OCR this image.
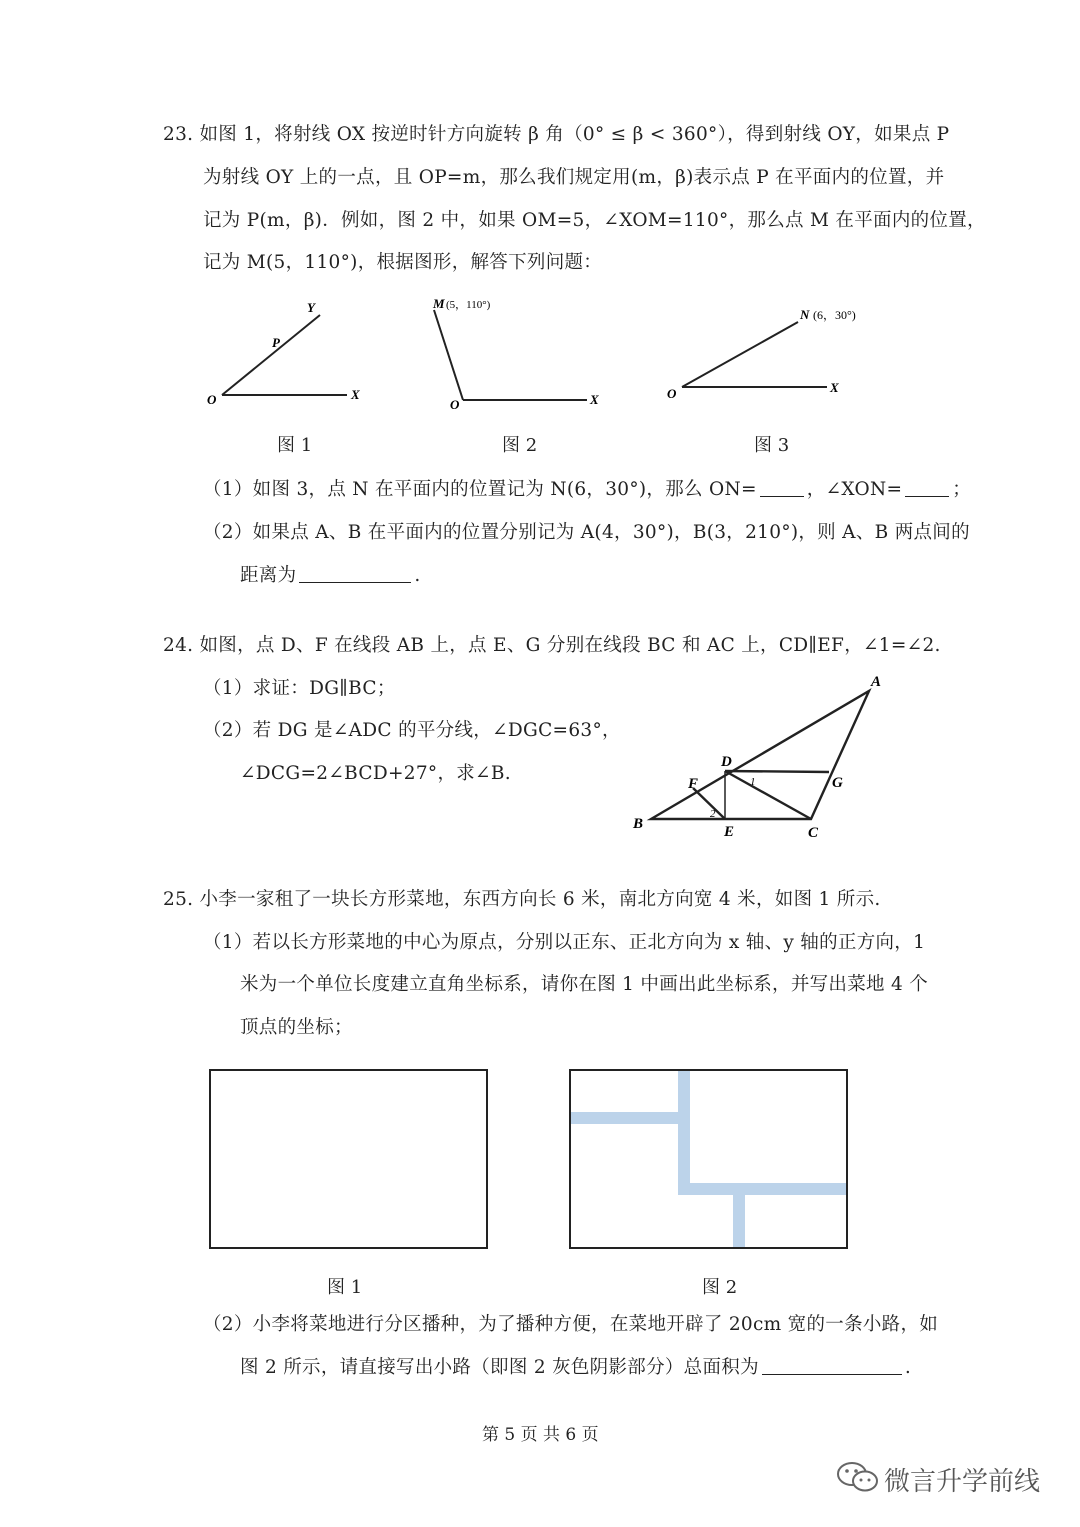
23. 如图 1，将射线 OX 按逆时针方向旋转 β 角（0° ≤ β < 360°），得到射线 OY，如果点 P
为射线 OY 上的一点，且 OP=m，那么我们规定用(m，β)表示点 P 在平面内的位置，并
记为 P(m，β)．例如，图 2 中，如果 OM=5，∠XOM=110°，那么点 M 在平面内的位置，
记为 M(5，110°)，根据图形，解答下列问题：
O	X
Y
P
图 1
O	X
M (5，110°)
图 2
O	X
N (6，30°)
图 3
（1）如图 3，点 N 在平面内的位置记为 N(6，30°)，那么 ON=	，∠XON=	；
（2）如果点 A、B 在平面内的位置分别记为 A(4，30°)，B(3，210°)，则 A、B 两点间的
距离为	.
24. 如图，点 D、F 在线段 AB 上，点 E、G 分别在线段 BC 和 AC 上，CD∥EF，∠1=∠2.
（1）求证：DG∥BC；
（2）若 DG 是∠ADC 的平分线，∠DGC=63°，
∠DCG=2∠BCD+27°，求∠B.
A
B
C
D
E
F	G
1
2
25. 小李一家租了一块长方形菜地，东西方向长 6 米，南北方向宽 4 米，如图 1 所示.
（1）若以长方形菜地的中心为原点，分别以正东、正北方向为 x 轴、y 轴的正方向，1
米为一个单位长度建立直角坐标系，请你在图 1 中画出此坐标系，并写出菜地 4 个
顶点的坐标；
图 1	图 2
（2）小李将菜地进行分区播种，为了播种方便，在菜地开辟了 20cm 宽的一条小路，如
图 2 所示，请直接写出小路（即图 2 灰色阴影部分）总面积为	.
第 5 页 共 6 页
微言升学前线
